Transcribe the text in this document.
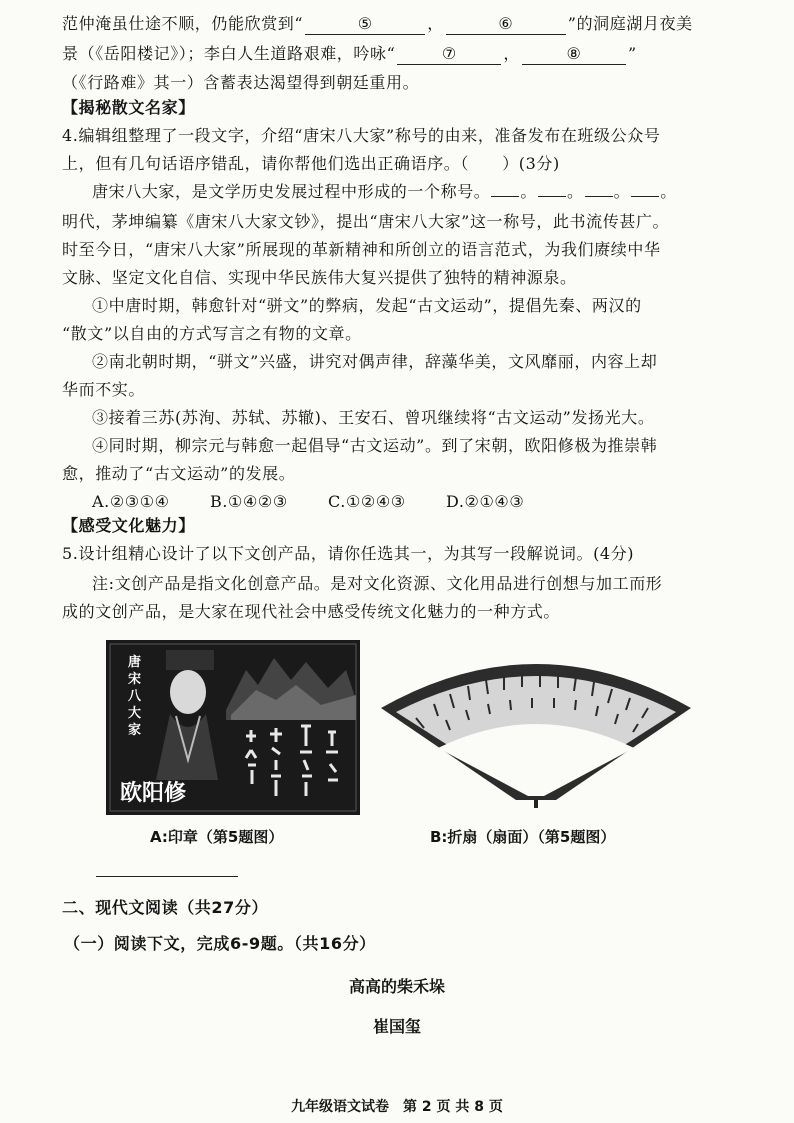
范仲淹虽仕途不顺，仍能欣赏到“	⑤	，	⑥	”的洞庭湖月夜美
景（《岳阳楼记》）；李白人生道路艰难，吟咏“	⑦	，	⑧	”
（《行路难》其一）含蓄表达渴望得到朝廷重用。
【揭秘散文名家】
4.编辑组整理了一段文字，介绍“唐宋八大家”称号的由来，准备发布在班级公众号
上，但有几句话语序错乱，请你帮他们选出正确语序。（　　）(3分)
唐宋八大家，是文学历史发展过程中形成的一个称号。 。 。 。 。
明代，茅坤编纂《唐宋八大家文钞》，提出“唐宋八大家”这一称号，此书流传甚广。
时至今日，“唐宋八大家”所展现的革新精神和所创立的语言范式，为我们赓续中华
文脉、坚定文化自信、实现中华民族伟大复兴提供了独特的精神源泉。
①中唐时期，韩愈针对“骈文”的弊病，发起“古文运动”，提倡先秦、两汉的
“散文”以自由的方式写言之有物的文章。
②南北朝时期，“骈文”兴盛，讲究对偶声律，辞藻华美，文风靡丽，内容上却
华而不实。
③接着三苏(苏洵、苏轼、苏辙)、王安石、曾巩继续将“古文运动”发扬光大。
④同时期，柳宗元与韩愈一起倡导“古文运动”。到了宋朝，欧阳修极为推崇韩
愈，推动了“古文运动”的发展。
A.②③①④	B.①④②③	C.①②④③	D.②①④③
【感受文化魅力】
5.设计组精心设计了以下文创产品，请你任选其一，为其写一段解说词。(4分)
注:文创产品是指文化创意产品。是对文化资源、文化用品进行创想与加工而形
成的文创产品，是大家在现代社会中感受传统文化魅力的一种方式。
唐宋八大家
欧阳修
A:印章（第5题图）	B:折扇（扇面）（第5题图）
二、现代文阅读（共27分）
（一）阅读下文，完成6-9题。（共16分）
高高的柴禾垛
崔国玺
九年级语文试卷　第 2 页 共 8 页
